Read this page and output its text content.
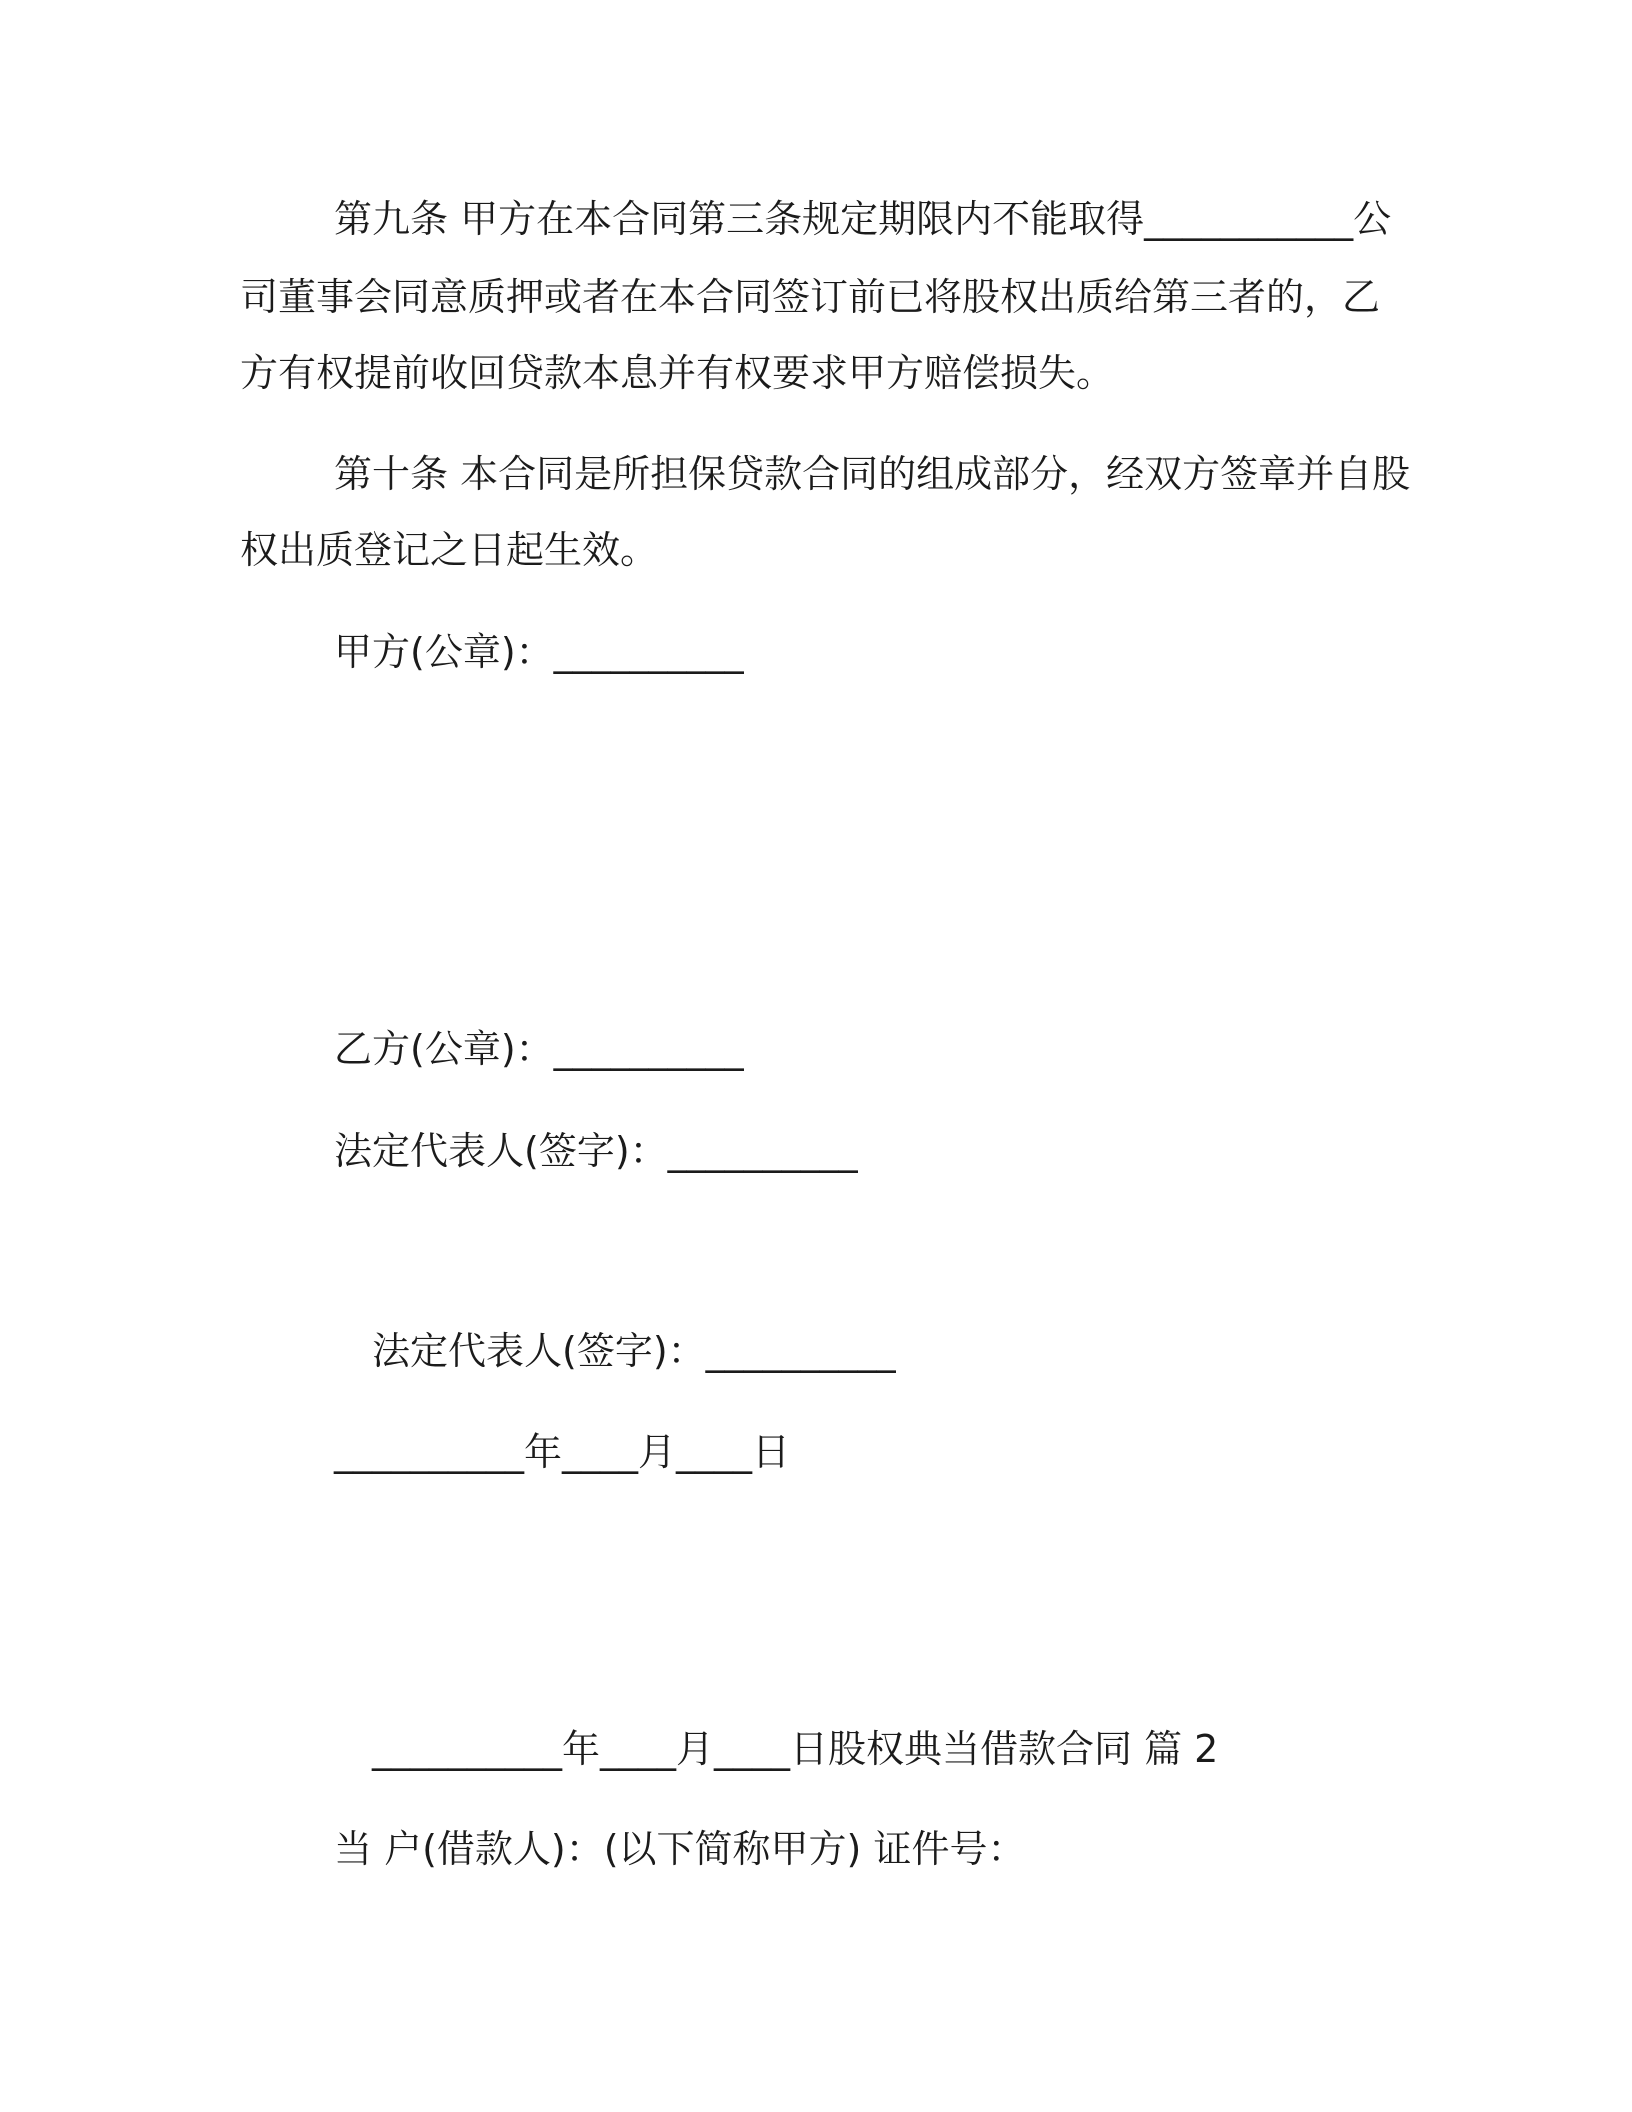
第九条 甲方在本合同第三条规定期限内不能取得___________公
司董事会同意质押或者在本合同签订前已将股权出质给第三者的，乙
方有权提前收回贷款本息并有权要求甲方赔偿损失。
第十条 本合同是所担保贷款合同的组成部分，经双方签章并自股
权出质登记之日起生效。
甲方(公章)：__________
乙方(公章)：__________
法定代表人(签字)：__________
法定代表人(签字)：__________
__________年____月____日
__________年____月____日股权典当借款合同 篇 2
当 户(借款人)：(以下简称甲方) 证件号：
